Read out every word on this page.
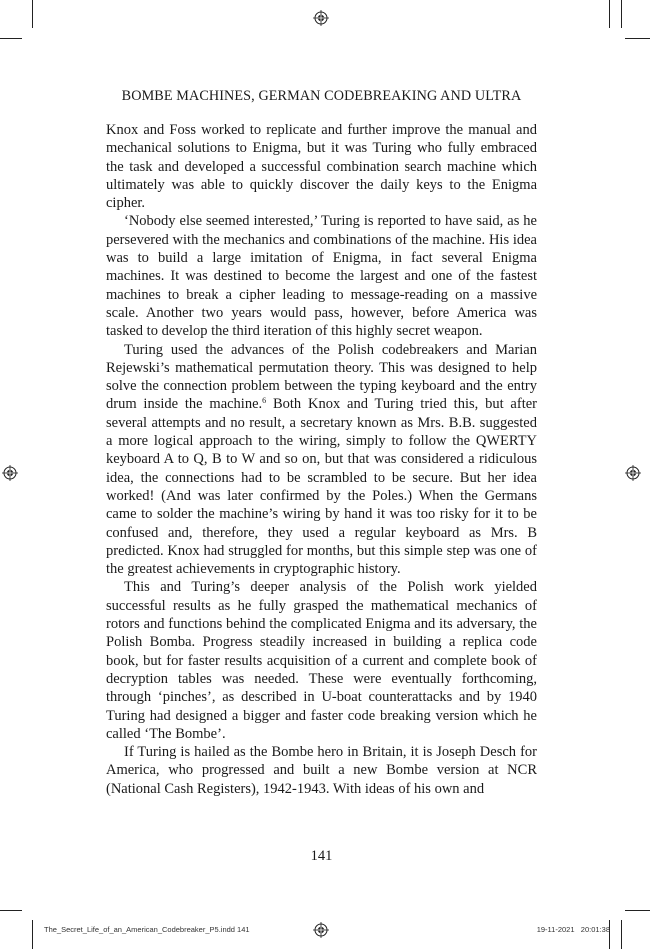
BOMBE MACHINES, GERMAN CODEBREAKING AND ULTRA

Knox and Foss worked to replicate and further improve the manual and mechanical solutions to Enigma, but it was Turing who fully embraced the task and developed a successful combination search machine which ultimately was able to quickly discover the daily keys to the Enigma cipher.

‘Nobody else seemed interested,’ Turing is reported to have said, as he persevered with the mechanics and combinations of the machine. His idea was to build a large imitation of Enigma, in fact several Enigma machines. It was destined to become the largest and one of the fastest machines to break a cipher leading to message-reading on a massive scale. Another two years would pass, however, before America was tasked to develop the third iteration of this highly secret weapon.

Turing used the advances of the Polish codebreakers and Marian Rejewski’s mathematical permutation theory. This was designed to help solve the connection problem between the typing keyboard and the entry drum inside the machine.$^6$ Both Knox and Turing tried this, but after several attempts and no result, a secretary known as Mrs. B.B. suggested a more logical approach to the wiring, simply to follow the QWERTY keyboard A to Q, B to W and so on, but that was considered a ridiculous idea, the connections had to be scrambled to be secure. But her idea worked! (And was later confirmed by the Poles.) When the Germans came to solder the machine’s wiring by hand it was too risky for it to be confused and, therefore, they used a regular keyboard as Mrs. B predicted. Knox had struggled for months, but this simple step was one of the greatest achievements in cryptographic history.

This and Turing’s deeper analysis of the Polish work yielded successful results as he fully grasped the mathematical mechanics of rotors and functions behind the complicated Enigma and its adversary, the Polish Bomba. Progress steadily increased in building a replica code book, but for faster results acquisition of a current and complete book of decryption tables was needed. These were eventually forthcoming, through ‘pinches’, as described in U-boat counterattacks and by 1940 Turing had designed a bigger and faster code breaking version which he called ‘The Bombe’.

If Turing is hailed as the Bombe hero in Britain, it is Joseph Desch for America, who progressed and built a new Bombe version at NCR (National Cash Registers), 1942-1943. With ideas of his own and

141
The_Secret_Life_of_an_American_Codebreaker_P5.indd 141	19-11-2021 20:01:38
